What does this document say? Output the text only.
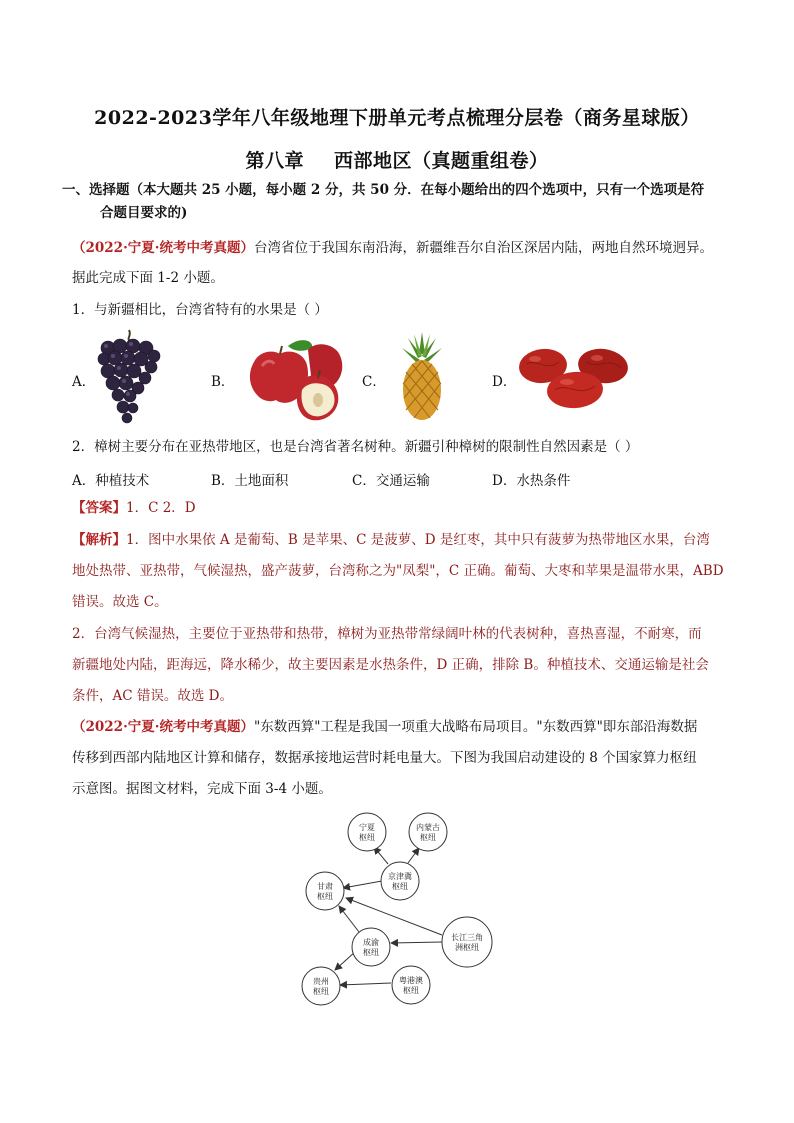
2022-2023学年八年级地理下册单元考点梳理分层卷（商务星球版）
第八章 西部地区（真题重组卷）
一、选择题（本大题共 25 小题，每小题 2 分，共 50 分．在每小题给出的四个选项中，只有一个选项是符
合题目要求的)
（2022·宁夏·统考中考真题）台湾省位于我国东南沿海，新疆维吾尔自治区深居内陆，两地自然环境迥异。
据此完成下面 1-2 小题。
1．与新疆相比，台湾省特有的水果是（ ）
A．	B．	C．	D．
2．樟树主要分布在亚热带地区，也是台湾省著名树种。新疆引种樟树的限制性自然因素是（ ）
A．种植技术	B．土地面积	C．交通运输	D．水热条件
【答案】1．C 2．D
【解析】1．图中水果依 A 是葡萄、B 是苹果、C 是菠萝、D 是红枣，其中只有菠萝为热带地区水果，台湾
地处热带、亚热带，气候湿热，盛产菠萝，台湾称之为"凤梨"，C 正确。葡萄、大枣和苹果是温带水果，ABD
错误。故选 C。
2．台湾气候湿热，主要位于亚热带和热带，樟树为亚热带常绿阔叶林的代表树种，喜热喜湿，不耐寒，而
新疆地处内陆，距海远，降水稀少，故主要因素是水热条件，D 正确，排除 B。种植技术、交通运输是社会
条件，AC 错误。故选 D。
（2022·宁夏·统考中考真题）"东数西算"工程是我国一项重大战略布局项目。"东数西算"即东部沿海数据
传移到西部内陆地区计算和储存，数据承接地运营时耗电量大。下图为我国启动建设的 8 个国家算力枢纽
示意图。据图文材料，完成下面 3-4 小题。
宁夏
枢纽
内蒙古
枢纽
京津冀
枢纽
甘肃
枢纽
成渝
枢纽
长江三角
洲枢纽
贵州
枢纽
粤港澳
枢纽
